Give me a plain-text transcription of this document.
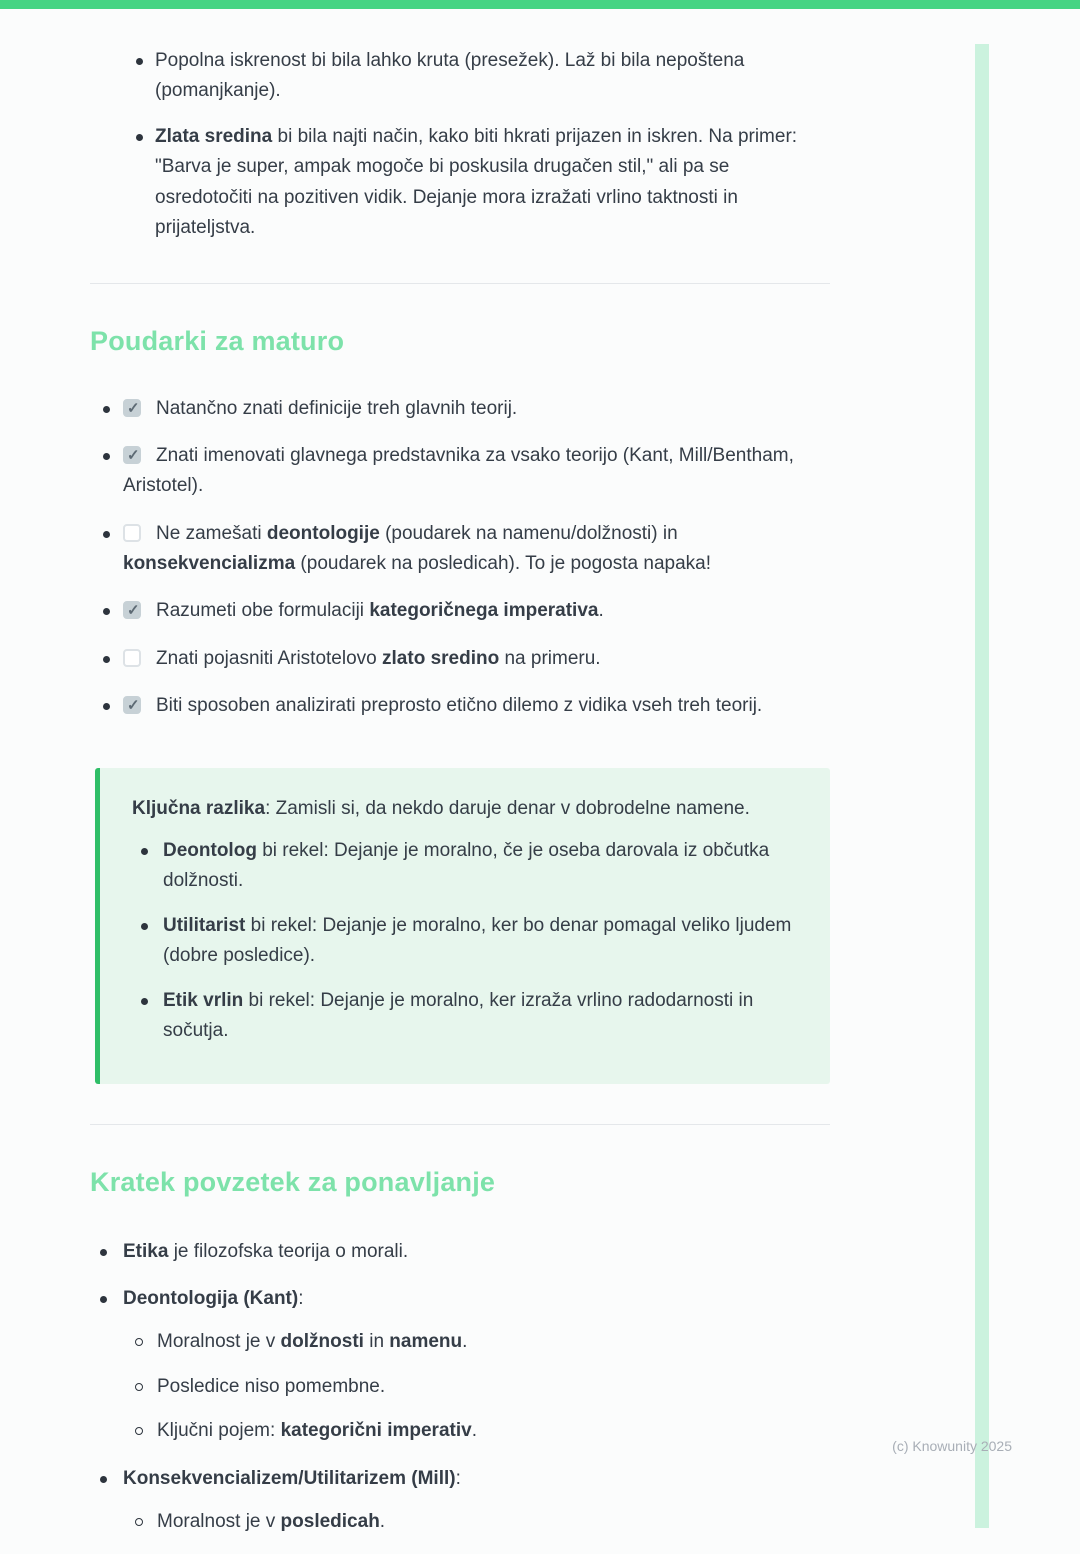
Popolna iskrenost bi bila lahko kruta (presežek). Laž bi bila nepoštena (pomanjkanje).
Zlata sredina bi bila najti način, kako biti hkrati prijazen in iskren. Na primer: "Barva je super, ampak mogoče bi poskusila drugačen stil," ali pa se osredotočiti na pozitiven vidik. Dejanje mora izražati vrlino taktnosti in prijateljstva.
Poudarki za maturo
✓Natančno znati definicije treh glavnih teorij.
✓Znati imenovati glavnega predstavnika za vsako teorijo (Kant, Mill/Bentham, Aristotel).
Ne zamešati deontologije (poudarek na namenu/dolžnosti) in konsekvencializma (poudarek na posledicah). To je pogosta napaka!
✓Razumeti obe formulaciji kategoričnega imperativa.
Znati pojasniti Aristotelovo zlato sredino na primeru.
✓Biti sposoben analizirati preprosto etično dilemo z vidika vseh treh teorij.

Ključna razlika: Zamisli si, da nekdo daruje denar v dobrodelne namene.

Deontolog bi rekel: Dejanje je moralno, če je oseba darovala iz občutka dolžnosti.
Utilitarist bi rekel: Dejanje je moralno, ker bo denar pomagal veliko ljudem (dobre posledice).
Etik vrlin bi rekel: Dejanje je moralno, ker izraža vrlino radodarnosti in sočutja.
Kratek povzetek za ponavljanje
Etika je filozofska teorija o morali.
Deontologija (Kant):
Moralnost je v dolžnosti in namenu.
Posledice niso pomembne.
Ključni pojem: kategorični imperativ.
Konsekvencializem/Utilitarizem (Mill):
Moralnost je v posledicah.
(c) Knowunity 2025
